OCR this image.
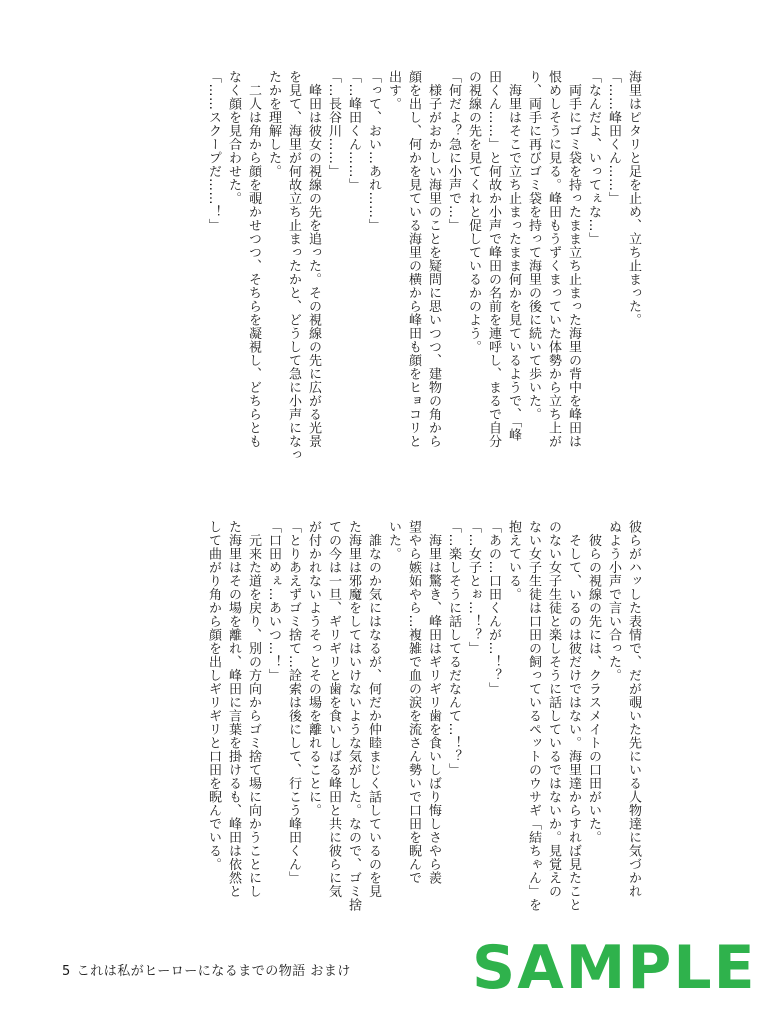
海里はピタリと足を止め、立ち止まった。

「……峰田くん……」

「なんだよ、いってぇな…」

　両手にゴミ袋を持ったまま立ち止まった海里の背中を峰田は

恨めしそうに見る。峰田もうずくまっていた体勢から立ち上が

り、両手に再びゴミ袋を持って海里の後に続いて歩いた。

　海里はそこで立ち止まったまま何かを見ているようで、「峰

田くん……」と何故か小声で峰田の名前を連呼し、まるで自分

の視線の先を見てくれと促しているかのよう。

「何だよ？急に小声で…」

　様子がおかしい海里のことを疑問に思いつつ、建物の角から

顔を出し、何かを見ている海里の横から峰田も顔をヒョコリと

出す。

「って、おい…あれ……」

「…峰田くん……」

「…長谷川……」

　峰田は彼女の視線の先を追った。その視線の先に広がる光景

を見て、海里が何故立ち止まったかと、どうして急に小声になっ

たかを理解した。

　二人は角から顔を覗かせつつ、そちらを凝視し、どちらとも

なく顔を見合わせた。

「……スクープだ……！」

彼らがハッした表情で、だが覗いた先にいる人物達に気づかれ

ぬよう小声で言い合った。

　彼らの視線の先には、クラスメイトの口田がいた。

　そして、いるのは彼だけではない。海里達からすれば見たこと

のない女子生徒と楽しそうに話しているではないか。見覚えの

ない女子生徒は口田の飼っているペットのウサギ「結ちゃん」を

抱えている。

「あの…口田くんが…！？」

「…女子とぉ…！？」

「…楽しそうに話してるだなんて…！？」

　海里は驚き、峰田はギリギリ歯を食いしばり悔しさやら羨

望やら嫉妬やら…複雑で血の涙を流さん勢いで口田を睨んで

いた。

　誰なのか気にはなるが、何だか仲睦まじく話しているのを見

た海里は邪魔をしてはいけないような気がした。なので、ゴミ捨

ての今は一旦、ギリギリと歯を食いしばる峰田と共に彼らに気

が付かれないようそっとその場を離れることに。

「とりあえずゴミ捨て…詮索は後にして、行こう峰田くん」

「口田めぇ…あいつ…！」

　元来た道を戻り、別の方向からゴミ捨て場に向かうことにし

た海里はその場を離れ、峰田に言葉を掛けるも、峰田は依然と

して曲がり角から顔を出しギリギリと口田を睨んでいる。

5 これは私がヒーローになるまでの物語 おまけ SAMPLE
